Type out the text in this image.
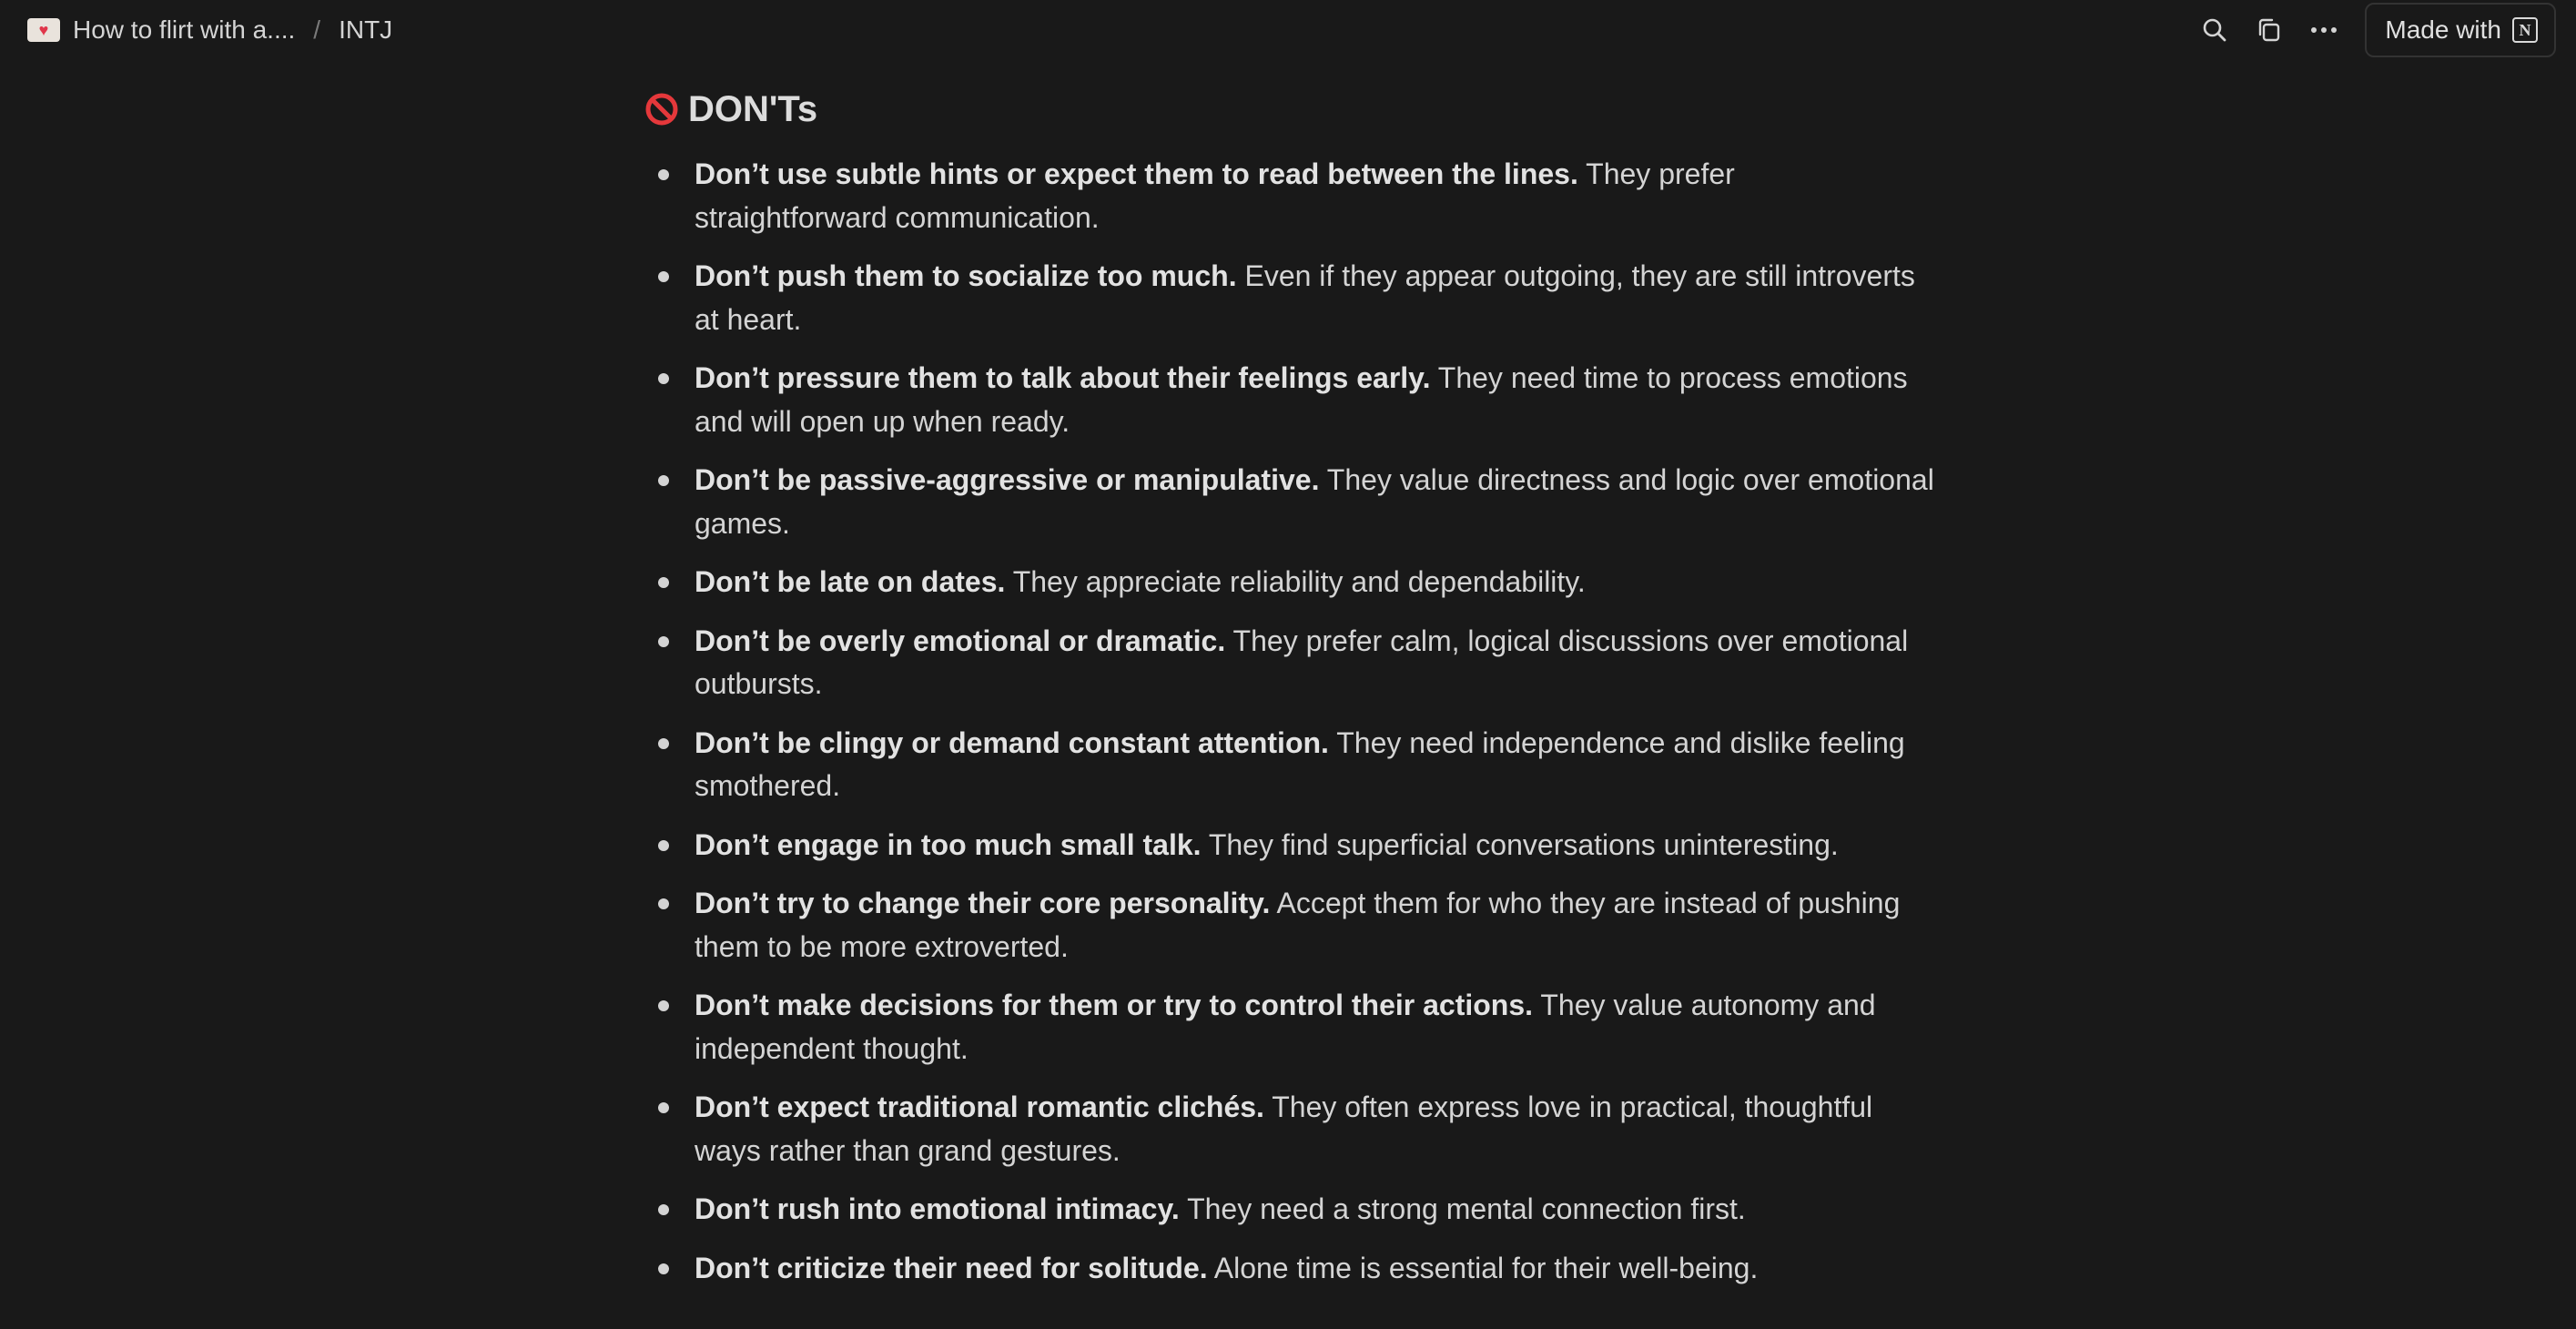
♥ How to flirt with a.... / INTJ	Made with	N
DON'Ts
Don’t use subtle hints or expect them to read between the lines. They prefer straightforward communication.
Don’t push them to socialize too much. Even if they appear outgoing, they are still introverts at heart.
Don’t pressure them to talk about their feelings early. They need time to process emotions and will open up when ready.
Don’t be passive-aggressive or manipulative. They value directness and logic over emotional games.
Don’t be late on dates. They appreciate reliability and dependability.
Don’t be overly emotional or dramatic. They prefer calm, logical discussions over emotional outbursts.
Don’t be clingy or demand constant attention. They need independence and dislike feeling smothered.
Don’t engage in too much small talk. They find superficial conversations uninteresting.
Don’t try to change their core personality. Accept them for who they are instead of pushing them to be more extroverted.
Don’t make decisions for them or try to control their actions. They value autonomy and independent thought.
Don’t expect traditional romantic clichés. They often express love in practical, thoughtful ways rather than grand gestures.
Don’t rush into emotional intimacy. They need a strong mental connection first.
Don’t criticize their need for solitude. Alone time is essential for their well-being.
